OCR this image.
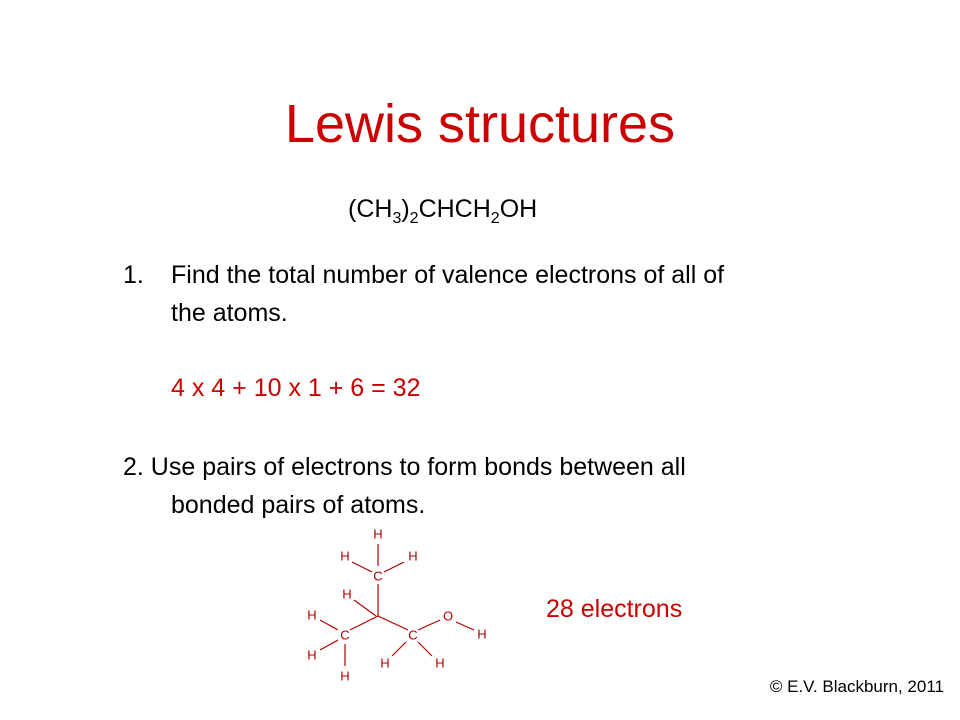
Lewis structures
$(CH_3)_2CHCH_2OH$
1. Find the total number of valence electrons of all of
the atoms.
4 x 4 + 10 x 1 + 6 = 32
2. Use pairs of electrons to form bonds between all
bonded pairs of atoms.
H
H	H
C
H
H	O
C	C	H
H
H	H
H
28 electrons
© E.V. Blackburn, 2011
